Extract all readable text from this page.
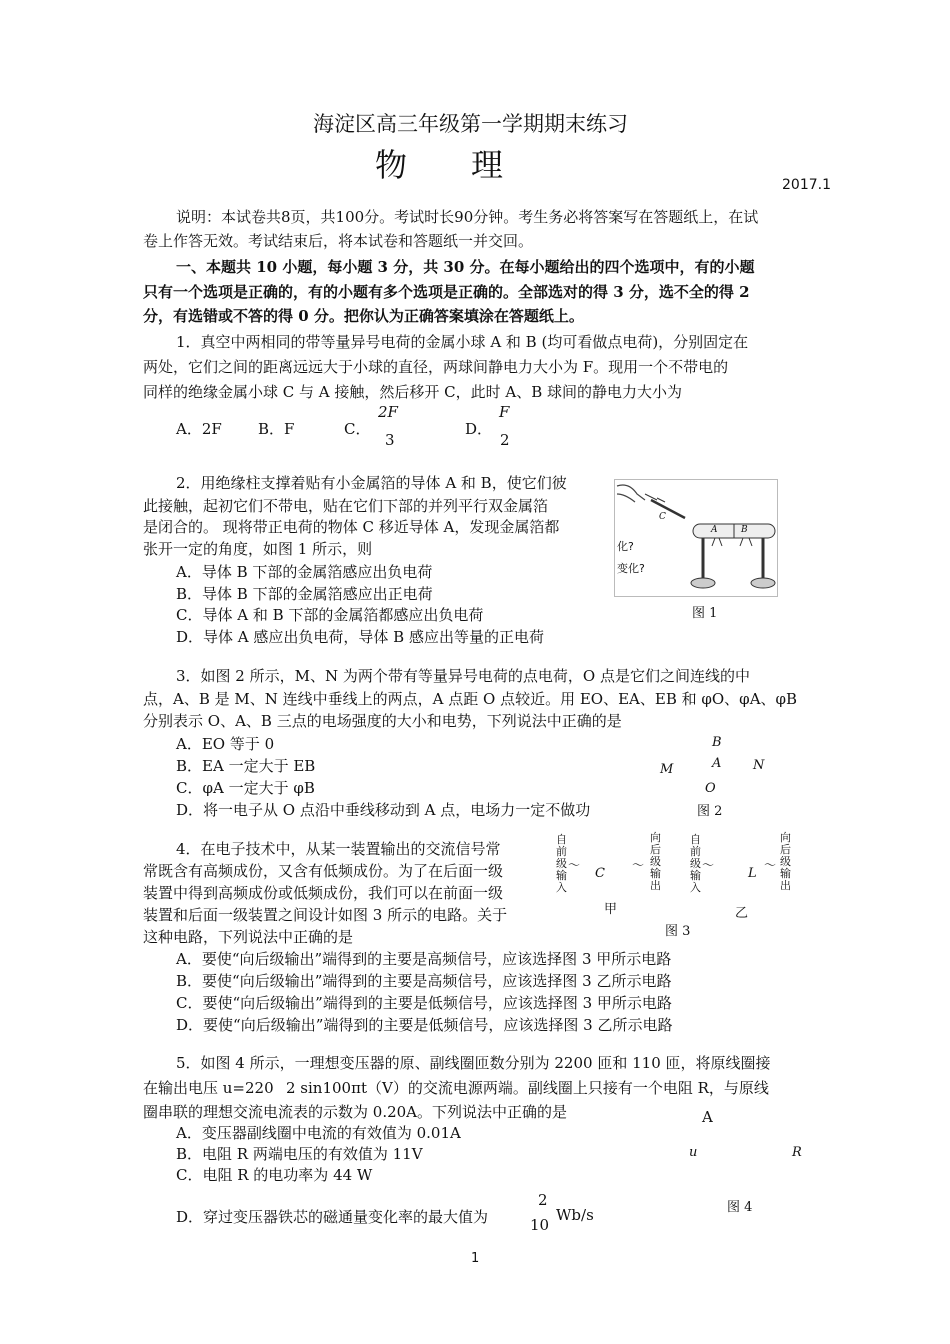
海淀区高三年级第一学期期末练习
物　　理
2017.1
说明：本试卷共8页，共100分。考试时长90分钟。考生务必将答案写在答题纸上，在试
卷上作答无效。考试结束后，将本试卷和答题纸一并交回。
一、本题共 10 小题，每小题 3 分，共 30 分。在每小题给出的四个选项中，有的小题
只有一个选项是正确的，有的小题有多个选项是正确的。全部选对的得 3 分，选不全的得 2
分，有选错或不答的得 0 分。把你认为正确答案填涂在答题纸上。
1．真空中两相同的带等量异号电荷的金属小球 A 和 B (均可看做点电荷)，分别固定在
两处，它们之间的距离远远大于小球的直径，两球间静电力大小为 F。现用一个不带电的
同样的绝缘金属小球 C 与 A 接触，然后移开 C，此时 A、B 球间的静电力大小为
A．2F B．F	C．
2F
3
D．
F
2
2．用绝缘柱支撑着贴有小金属箔的导体 A 和 B，使它们彼
此接触，起初它们不带电，贴在它们下部的并列平行双金属箔
是闭合的。 现将带正电荷的物体 C 移近导体 A，发现金属箔都
张开一定的角度，如图 1 所示，则
A．导体 B 下部的金属箔感应出负电荷
B．导体 B 下部的金属箔感应出正电荷
C．导体 A 和 B 下部的金属箔都感应出负电荷
D．导体 A 感应出负电荷，导体 B 感应出等量的正电荷
C
A	B
化?
变化?
图 1
3．如图 2 所示，M、N 为两个带有等量异号电荷的点电荷，O 点是它们之间连线的中
点，A、B 是 M、N 连线中垂线上的两点，A 点距 O 点较近。用 EO、EA、EB 和 φO、φA、φB
分别表示 O、A、B 三点的电场强度的大小和电势，下列说法中正确的是
A．EO 等于 0
B．EA 一定大于 EB
C．φA 一定大于 φB
D．将一电子从 O 点沿中垂线移动到 A 点，电场力一定不做功
B
A
M	N
O
图 2
4．在电子技术中，从某一装置输出的交流信号常
常既含有高频成份，又含有低频成份。为了在后面一级
装置中得到高频成份或低频成份，我们可以在前面一级
装置和后面一级装置之间设计如图 3 所示的电路。关于
这种电路，下列说法中正确的是
A．要使“向后级输出”端得到的主要是高频信号，应该选择图 3 甲所示电路
B．要使“向后级输出”端得到的主要是高频信号，应该选择图 3 乙所示电路
C．要使“向后级输出”端得到的主要是低频信号，应该选择图 3 甲所示电路
D．要使“向后级输出”端得到的主要是低频信号，应该选择图 3 乙所示电路
自前级输入
～
C
～
向后级输出
甲
自前级输入
～
L
～
向后级输出
乙
图 3
5．如图 4 所示，一理想变压器的原、副线圈匝数分别为 2200 匝和 110 匝，将原线圈接
在输出电压 u=220 2 sin100πt（V）的交流电源两端。副线圈上只接有一个电阻 R，与原线
圈串联的理想交流电流表的示数为 0.20A。下列说法中正确的是
A．变压器副线圈中电流的有效值为 0.01A
B．电阻 R 两端电压的有效值为 11V
C．电阻 R 的电功率为 44 W
D．穿过变压器铁芯的磁通量变化率的最大值为
2
10
Wb/s
A
u	R
图 4
1
